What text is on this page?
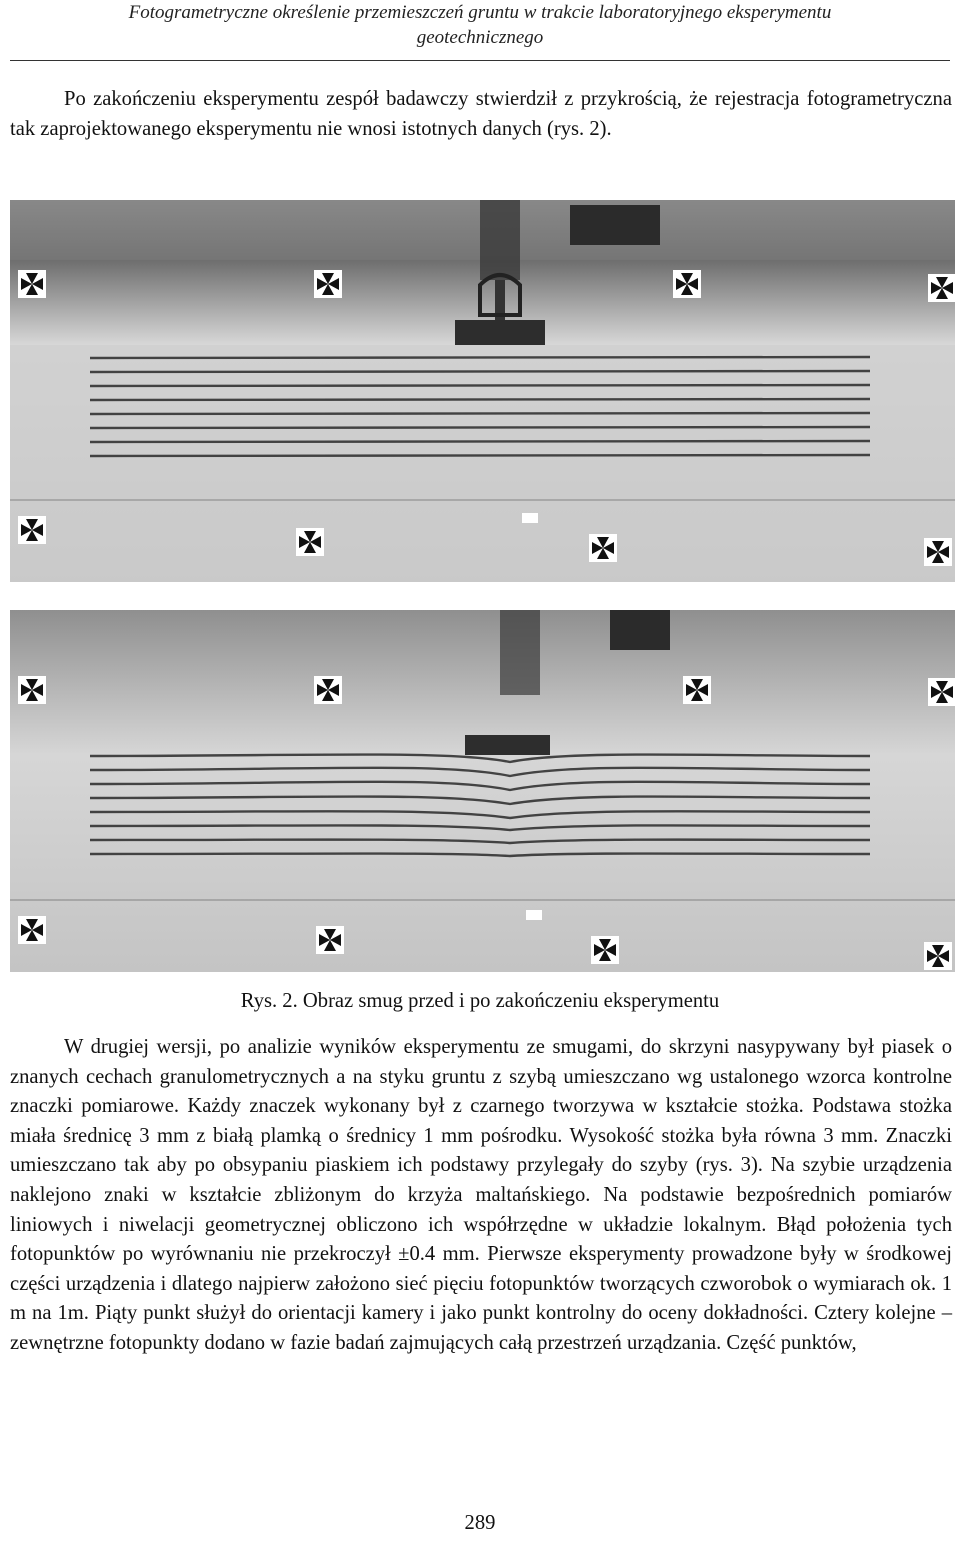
Fotogrametryczne określenie przemieszczeń gruntu w trakcie laboratoryjnego eksperymentu
geotechnicznego

Po zakończeniu eksperymentu zespół badawczy stwierdził z przykrością, że rejestracja fotogrametryczna tak zaprojektowanego eksperymentu nie wnosi istotnych danych (rys. 2).

Rys. 2. Obraz smug przed i po zakończeniu eksperymentu

W drugiej wersji, po analizie wyników eksperymentu ze smugami, do skrzyni nasypywany był piasek o znanych cechach granulometrycznych a na styku gruntu z szybą umieszczano wg ustalonego wzorca kontrolne znaczki pomiarowe. Każdy znaczek wykonany był z czarnego tworzywa w kształcie stożka. Podstawa stożka miała średnicę 3 mm z białą plamką o średnicy 1 mm pośrodku. Wysokość stożka była równa 3 mm. Znaczki umieszczano tak aby po obsypaniu piaskiem ich podstawy przylegały do szyby (rys. 3). Na szybie urządzenia naklejono znaki w kształcie zbliżonym do krzyża maltańskiego. Na podstawie bezpośrednich pomiarów liniowych i niwelacji geometrycznej obliczono ich współrzędne w układzie lokalnym. Błąd położenia tych fotopunktów po wyrównaniu nie przekroczył ±0.4 mm. Pierwsze eksperymenty prowadzone były w środkowej części urządzenia i dlatego najpierw założono sieć pięciu fotopunktów tworzących czworobok o wymiarach ok. 1 m na 1m. Piąty punkt służył do orientacji kamery i jako punkt kontrolny do oceny dokładności. Cztery kolejne – zewnętrzne fotopunkty dodano w fazie badań zajmujących całą przestrzeń urządzania. Część punktów,

289
